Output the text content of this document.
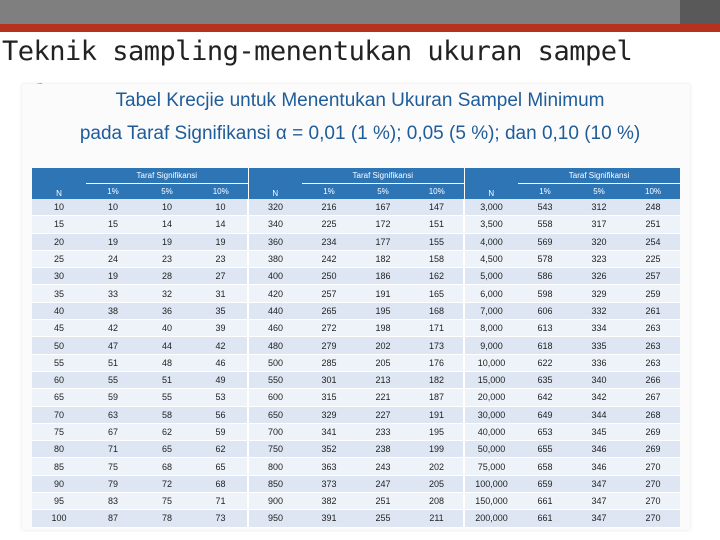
Teknik sampling-menentukan ukuran sampel
Tabel Krecjie untuk Menentukan Ukuran Sampel Minimum
pada Taraf Signifikansi α = 0,01 (1 %); 0,05 (5 %); dan 0,10 (10 %)
N	Taraf Signifikansi			N	Taraf Signifikansi			N	Taraf Signifikansi		
	1%	5%	10%		1%	5%	10%		1%	5%	10%
10	10	10	10	320	216	167	147	3,000	543	312	248
15	15	14	14	340	225	172	151	3,500	558	317	251
20	19	19	19	360	234	177	155	4,000	569	320	254
25	24	23	23	380	242	182	158	4,500	578	323	225
30	19	28	27	400	250	186	162	5,000	586	326	257
35	33	32	31	420	257	191	165	6,000	598	329	259
40	38	36	35	440	265	195	168	7,000	606	332	261
45	42	40	39	460	272	198	171	8,000	613	334	263
50	47	44	42	480	279	202	173	9,000	618	335	263
55	51	48	46	500	285	205	176	10,000	622	336	263
60	55	51	49	550	301	213	182	15,000	635	340	266
65	59	55	53	600	315	221	187	20,000	642	342	267
70	63	58	56	650	329	227	191	30,000	649	344	268
75	67	62	59	700	341	233	195	40,000	653	345	269
80	71	65	62	750	352	238	199	50,000	655	346	269
85	75	68	65	800	363	243	202	75,000	658	346	270
90	79	72	68	850	373	247	205	100,000	659	347	270
95	83	75	71	900	382	251	208	150,000	661	347	270
100	87	78	73	950	391	255	211	200,000	661	347	270
